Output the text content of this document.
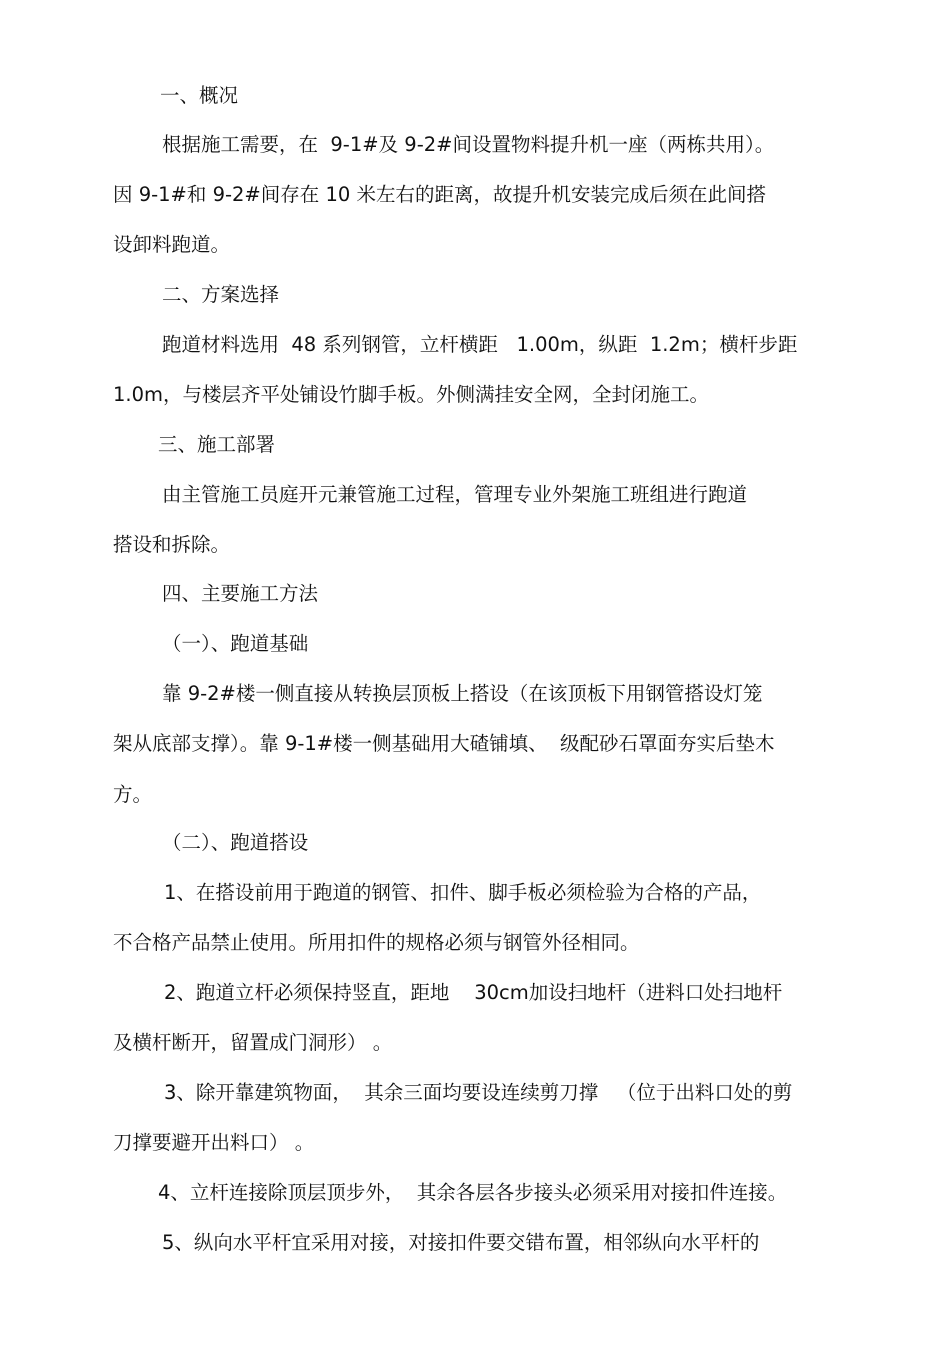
一、概况

根据施工需要，在  9-1#及 9-2#间设置物料提升机一座（两栋共用）。

因 9-1#和 9-2#间存在 10 米左右的距离，故提升机安装完成后须在此间搭

设卸料跑道。

二、方案选择

跑道材料选用  48 系列钢管，立杆横距   1.00m，纵距  1.2m；横杆步距

1.0m，与楼层齐平处铺设竹脚手板。外侧满挂安全网，全封闭施工。

三、施工部署

由主管施工员庭开元兼管施工过程，管理专业外架施工班组进行跑道

搭设和拆除。

四、主要施工方法

（一）、跑道基础

靠 9-2#楼一侧直接从转换层顶板上搭设（在该顶板下用钢管搭设灯笼

架从底部支撑）。靠 9-1#楼一侧基础用大碴铺填、  级配砂石罩面夯实后垫木

方。

（二）、跑道搭设

1、在搭设前用于跑道的钢管、扣件、脚手板必须检验为合格的产品，

不合格产品禁止使用。所用扣件的规格必须与钢管外径相同。

2、跑道立杆必须保持竖直，距地    30cm加设扫地杆（进料口处扫地杆

及横杆断开，留置成门洞形） 。

3、除开靠建筑物面，  其余三面均要设连续剪刀撑   （位于出料口处的剪

刀撑要避开出料口） 。

4、立杆连接除顶层顶步外，  其余各层各步接头必须采用对接扣件连接。

5、纵向水平杆宜采用对接，对接扣件要交错布置，相邻纵向水平杆的
